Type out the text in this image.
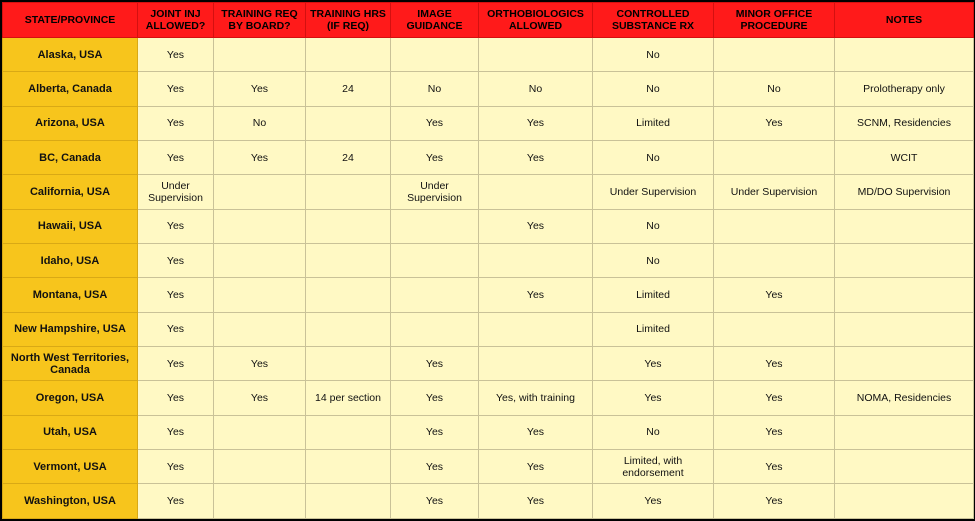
STATE/PROVINCE	JOINT INJ ALLOWED?	TRAINING REQ BY BOARD?	TRAINING HRS (IF REQ)	IMAGE GUIDANCE	ORTHOBIOLOGICS ALLOWED	CONTROLLED SUBSTANCE RX	MINOR OFFICE PROCEDURE	NOTES
Alaska, USA	Yes					No		
Alberta, Canada	Yes	Yes	24	No	No	No	No	Prolotherapy only
Arizona, USA	Yes	No		Yes	Yes	Limited	Yes	SCNM, Residencies
BC, Canada	Yes	Yes	24	Yes	Yes	No		WCIT
California, USA	Under Supervision			Under Supervision		Under Supervision	Under Supervision	MD/DO Supervision
Hawaii, USA	Yes				Yes	No		
Idaho, USA	Yes					No		
Montana, USA	Yes				Yes	Limited	Yes	
New Hampshire, USA	Yes					Limited		
North West Territories, Canada	Yes	Yes		Yes		Yes	Yes	
Oregon, USA	Yes	Yes	14 per section	Yes	Yes, with training	Yes	Yes	NOMA, Residencies
Utah, USA	Yes			Yes	Yes	No	Yes	
Vermont, USA	Yes			Yes	Yes	Limited, with endorsement	Yes	
Washington, USA	Yes			Yes	Yes	Yes	Yes	
